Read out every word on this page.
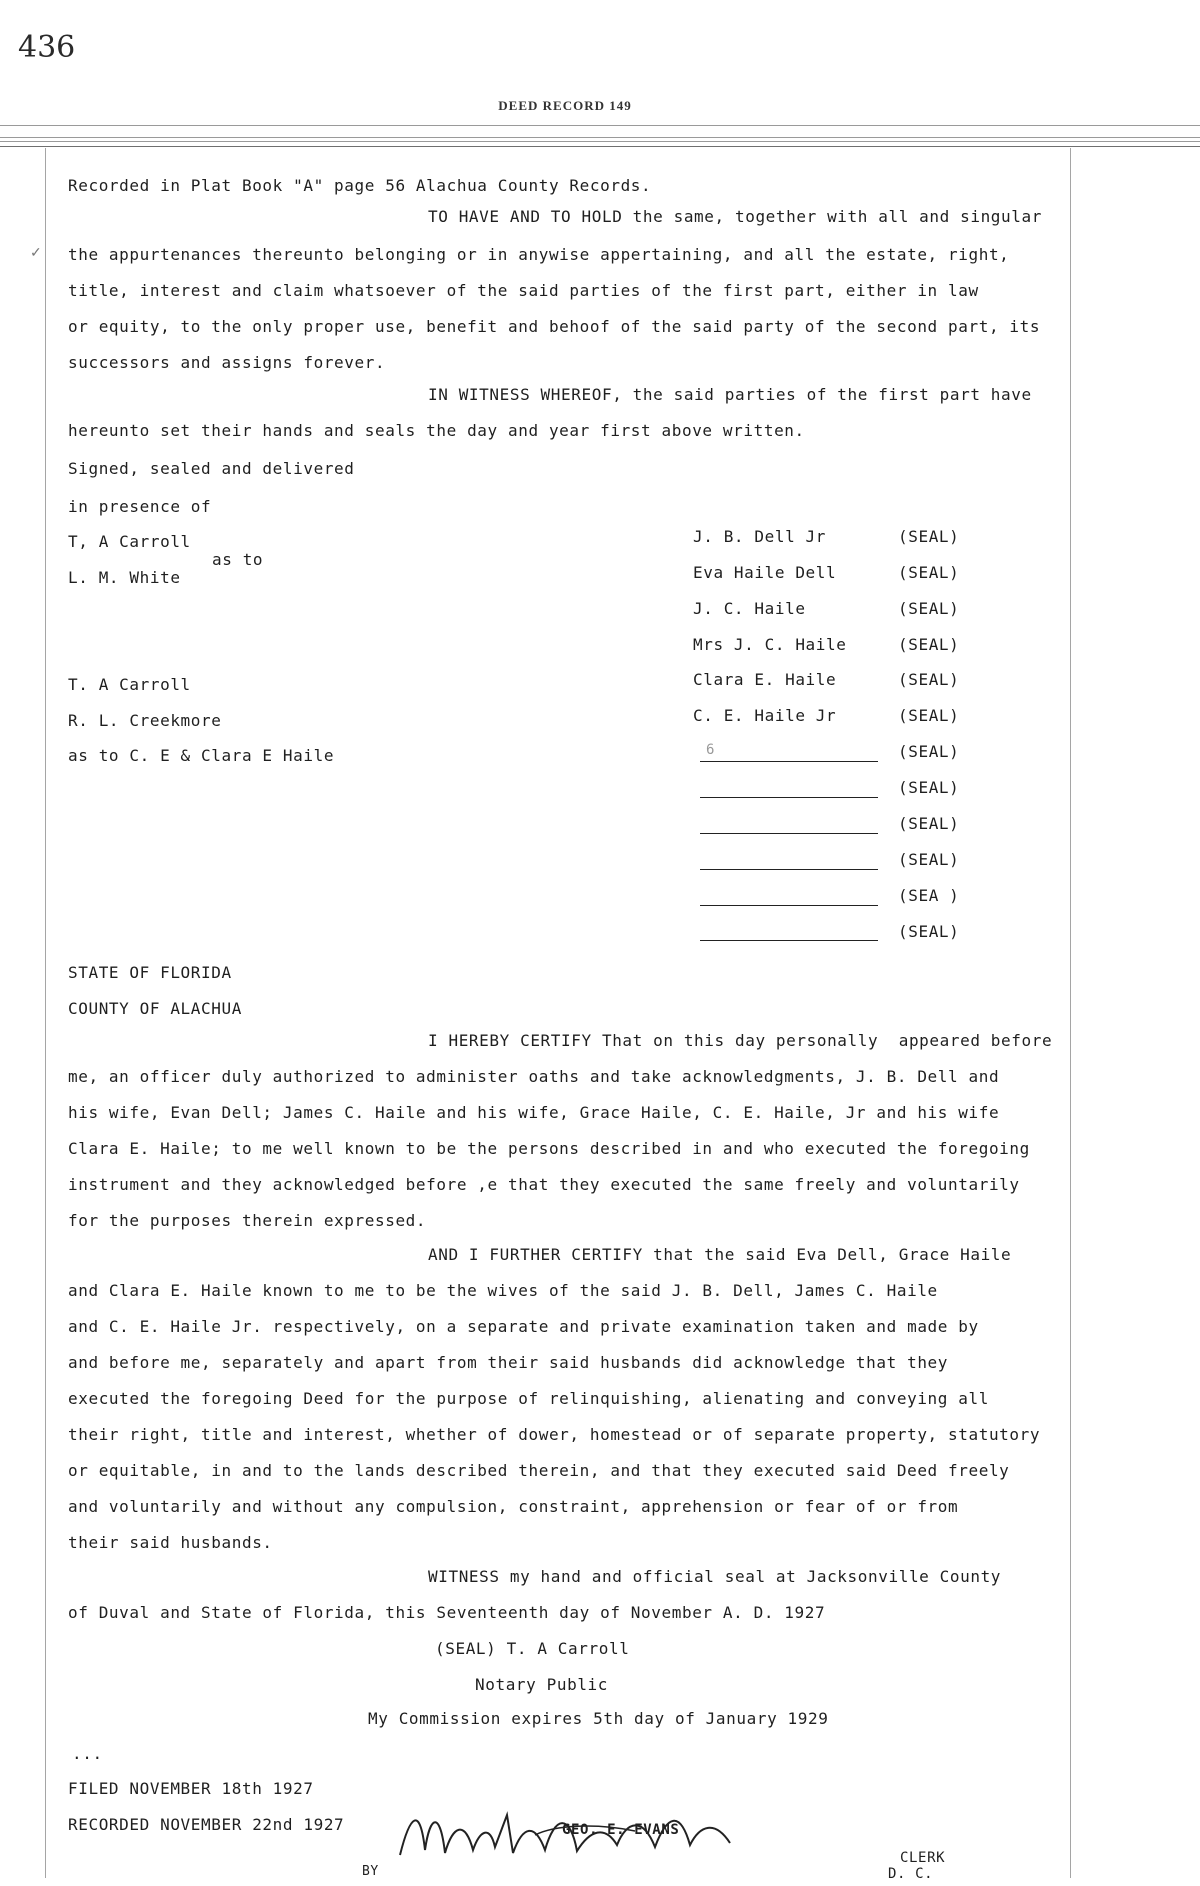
436
DEED RECORD 149
✓
Recorded in Plat Book "A" page 56 Alachua County Records.
TO HAVE AND TO HOLD the same, together with all and singular
the appurtenances thereunto belonging or in anywise appertaining, and all the estate, right,
title, interest and claim whatsoever of the said parties of the first part, either in law
or equity, to the only proper use, benefit and behoof of the said party of the second part, its
successors and assigns forever.
IN WITNESS WHEREOF, the said parties of the first part have
hereunto set their hands and seals the day and year first above written.
Signed, sealed and delivered
in presence of
T, A Carroll
as to
L. M. White
T. A Carroll
R. L. Creekmore
as to C. E & Clara E Haile
J. B. Dell Jr
Eva Haile Dell
J. C. Haile
Mrs J. C. Haile
Clara E. Haile
C. E. Haile Jr
(SEAL)
(SEAL)
(SEAL)
(SEAL)
(SEAL)
(SEAL)
(SEAL)
(SEAL)
(SEAL)
(SEAL)
(SEA )
(SEAL)
6
STATE OF FLORIDA
COUNTY OF ALACHUA
I HEREBY CERTIFY That on this day personally  appeared before
me, an officer duly authorized to administer oaths and take acknowledgments, J. B. Dell and
his wife, Evan Dell; James C. Haile and his wife, Grace Haile, C. E. Haile, Jr and his wife
Clara E. Haile; to me well known to be the persons described in and who executed the foregoing
instrument and they acknowledged before ,e that they executed the same freely and voluntarily
for the purposes therein expressed.
AND I FURTHER CERTIFY that the said Eva Dell, Grace Haile
and Clara E. Haile known to me to be the wives of the said J. B. Dell, James C. Haile
and C. E. Haile Jr. respectively, on a separate and private examination taken and made by
and before me, separately and apart from their said husbands did acknowledge that they
executed the foregoing Deed for the purpose of relinquishing, alienating and conveying all
their right, title and interest, whether of dower, homestead or of separate property, statutory
or equitable, in and to the lands described therein, and that they executed said Deed freely
and voluntarily and without any compulsion, constraint, apprehension or fear of or from
their said husbands.
WITNESS my hand and official seal at Jacksonville County
of Duval and State of Florida, this Seventeenth day of November A. D. 1927
(SEAL) T. A Carroll
Notary Public
My Commission expires 5th day of January 1929
...
FILED NOVEMBER 18th 1927
RECORDED NOVEMBER 22nd 1927
BY
GEO. E. EVANS
CLERK
D. C.
